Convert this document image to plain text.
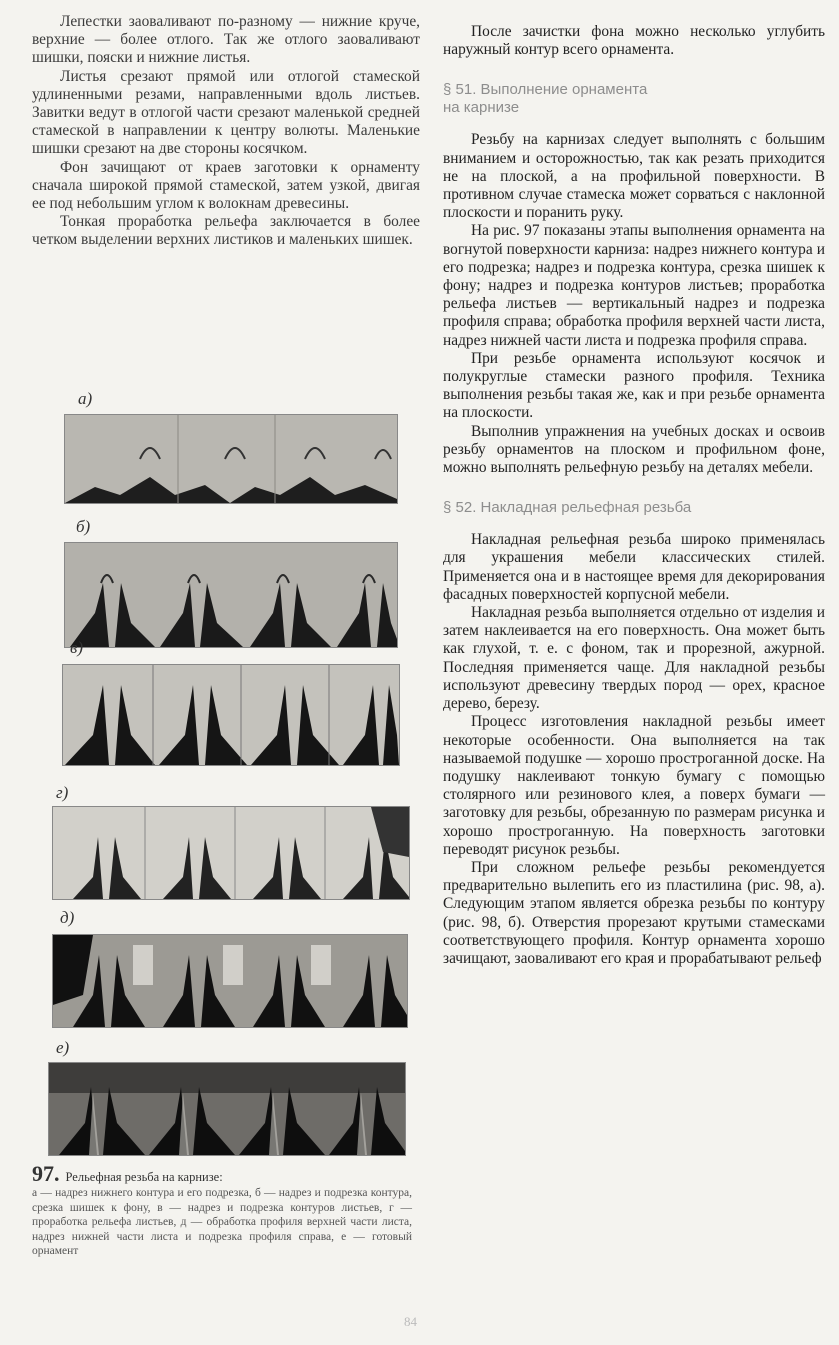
Лепестки заоваливают по-разному — нижние круче, верхние — более отлого. Так же отлого заоваливают шишки, пояски и нижние листья.

Листья срезают прямой или отлогой стамеской удлиненными резами, направленными вдоль листьев. Завитки ведут в отлогой части срезают маленькой средней стамеской в направлении к центру волюты. Маленькие шишки срезают на две стороны косячком.

Фон зачищают от краев заготовки к орнаменту сначала широкой прямой стамеской, затем узкой, двигая ее под небольшим углом к волокнам древесины.

Тонкая проработка рельефа заключается в более четком выделении верхних листиков и маленьких шишек.

а)
б)
в)
г)
д)
е)
97. Рельефная резьба на карнизе:

а — надрез нижнего контура и его подрезка, б — надрез и подрезка контура, срезка шишек к фону, в — надрез и подрезка контуров листьев, г — проработка рельефа листьев, д — обработка профиля верхней части листа, надрез нижней части листа и подрезка профиля справа, е — готовый орнамент

После зачистки фона можно несколько углубить наружный контур всего орнамента.

§ 51. Выполнение орнамента

на карнизе

Резьбу на карнизах следует выполнять с большим вниманием и осторожностью, так как резать приходится не на плоской, а на профильной поверхности. В противном случае стамеска может сорваться с наклонной плоскости и поранить руку.

На рис. 97 показаны этапы выполнения орнамента на вогнутой поверхности карниза: надрез нижнего контура и его подрезка; надрез и подрезка контура, срезка шишек к фону; надрез и подрезка контуров листьев; проработка рельефа листьев — вертикальный надрез и подрезка профиля справа; обработка профиля верхней части листа, надрез нижней части листа и подрезка профиля справа.

При резьбе орнамента используют косячок и полукруглые стамески разного профиля. Техника выполнения резьбы такая же, как и при резьбе орнамента на плоскости.

Выполнив упражнения на учебных досках и освоив резьбу орнаментов на плоском и профильном фоне, можно выполнять рельефную резьбу на деталях мебели.

§ 52. Накладная рельефная резьба

Накладная рельефная резьба широко применялась для украшения мебели классических стилей. Применяется она и в настоящее время для декорирования фасадных поверхностей корпусной мебели.

Накладная резьба выполняется отдельно от изделия и затем наклеивается на его поверхность. Она может быть как глухой, т. е. с фоном, так и прорезной, ажурной. Последняя применяется чаще. Для накладной резьбы используют древесину твердых пород — орех, красное дерево, березу.

Процесс изготовления накладной резьбы имеет некоторые особенности. Она выполняется на так называемой подушке — хорошо прострoганной доске. На подушку наклеивают тонкую бумагу с помощью столярного или резинового клея, а поверх бумаги — заготовку для резьбы, обрезанную по размерам рисунка и хорошо прострoганную. На поверхность заготовки переводят рисунок резьбы.

При сложном рельефе резьбы рекомендуется предварительно вылепить его из пластилина (рис. 98, а). Следующим этапом является обрезка резьбы по контуру (рис. 98, б). Отверстия прорезают крутыми стамесками соответствующего профиля. Контур орнамента хорошо зачищают, заоваливают его края и прорабатывают рельеф

84
